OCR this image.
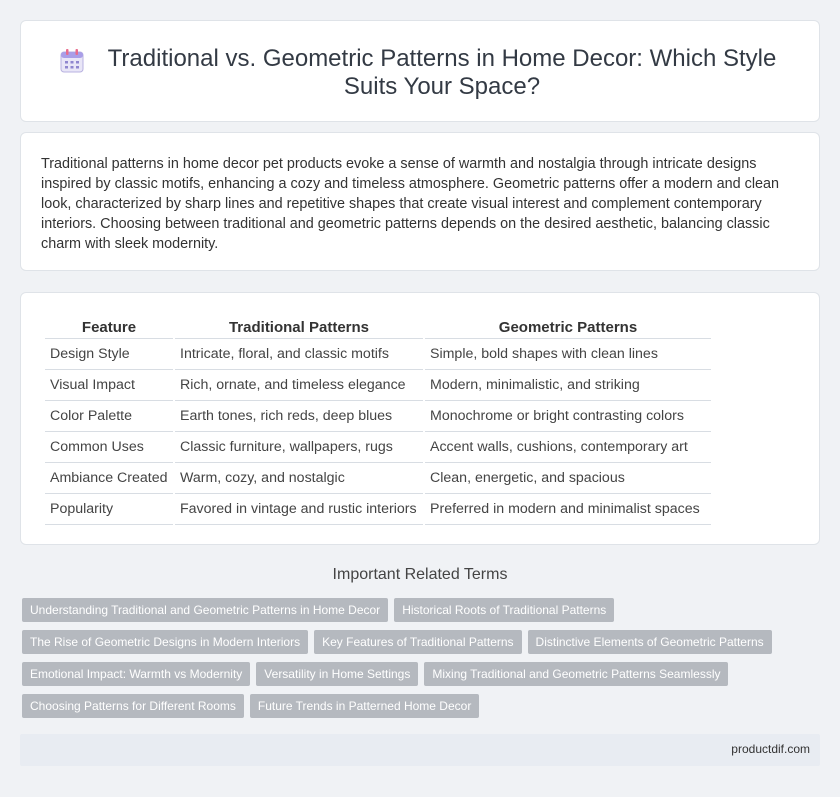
Traditional vs. Geometric Patterns in Home Decor: Which Style Suits Your Space?

Traditional patterns in home decor pet products evoke a sense of warmth and nostalgia through intricate designs inspired by classic motifs, enhancing a cozy and timeless atmosphere. Geometric patterns offer a modern and clean look, characterized by sharp lines and repetitive shapes that create visual interest and complement contemporary interiors. Choosing between traditional and geometric patterns depends on the desired aesthetic, balancing classic charm with sleek modernity.

Feature	Traditional Patterns	Geometric Patterns
Design Style	Intricate, floral, and classic motifs	Simple, bold shapes with clean lines
Visual Impact	Rich, ornate, and timeless elegance	Modern, minimalistic, and striking
Color Palette	Earth tones, rich reds, deep blues	Monochrome or bright contrasting colors
Common Uses	Classic furniture, wallpapers, rugs	Accent walls, cushions, contemporary art
Ambiance Created	Warm, cozy, and nostalgic	Clean, energetic, and spacious
Popularity	Favored in vintage and rustic interiors	Preferred in modern and minimalist spaces
Important Related Terms
Understanding Traditional and Geometric Patterns in Home Decor	Historical Roots of Traditional Patterns
The Rise of Geometric Designs in Modern Interiors	Key Features of Traditional Patterns	Distinctive Elements of Geometric Patterns
Emotional Impact: Warmth vs Modernity	Versatility in Home Settings	Mixing Traditional and Geometric Patterns Seamlessly
Choosing Patterns for Different Rooms	Future Trends in Patterned Home Decor
productdif.com
